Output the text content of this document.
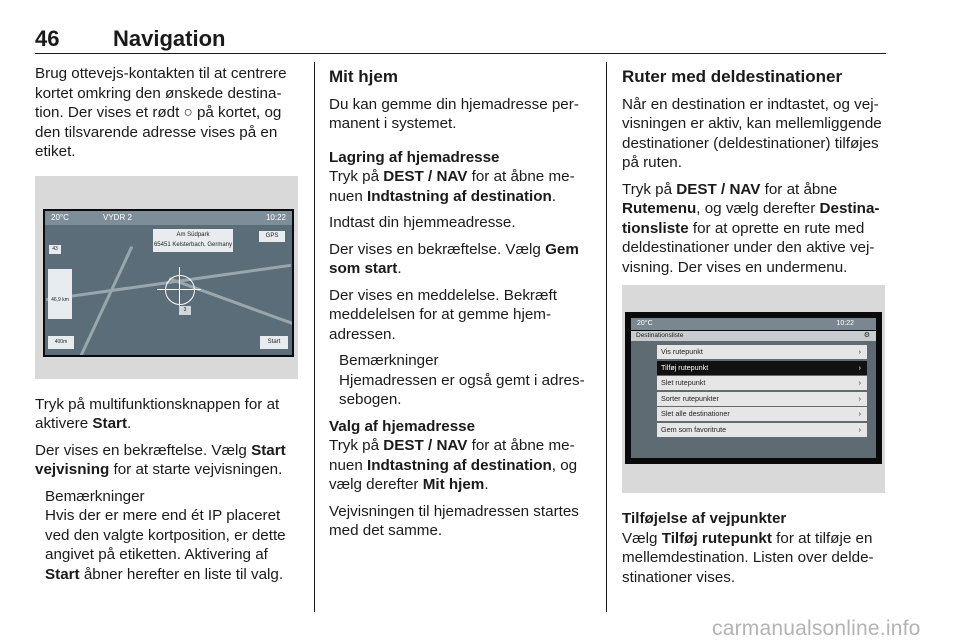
46 Navigation

Brug ottevejs-kontakten til at centrere kortet omkring den ønskede destination. Der vises et rødt ○ på kortet, og den tilsvarende adresse vises på en etiket.

20°C	VYDR 2	10:22
Am Südpark
65451 Kelsterbach, Germany
GPS
43
3
46,9 km
400m	Start

Tryk på multifunktionsknappen for at aktivere Start.

Der vises en bekræftelse. Vælg Start vejvisning for at starte vejvisningen.

Bemærkninger
Hvis der er mere end ét IP placeret ved den valgte kortposition, er dette angivet på etiketten. Aktivering af Start åbner herefter en liste til valg.
Mit hjem

Du kan gemme din hjemadresse permanent i systemet.

Lagring af hjemadresse

Tryk på DEST / NAV for at åbne menuen Indtastning af destination.

Indtast din hjemmeadresse.

Der vises en bekræftelse. Vælg Gem som start.

Der vises en meddelelse. Bekræft meddelelsen for at gemme hjemadressen.

Bemærkninger
Hjemadressen er også gemt i adressebogen.
Valg af hjemadresse

Tryk på DEST / NAV for at åbne menuen Indtastning af destination, og vælg derefter Mit hjem.

Vejvisningen til hjemadressen startes med det samme.

Ruter med deldestinationer

Når en destination er indtastet, og vejvisningen er aktiv, kan mellemliggende destinationer (deldestinationer) tilføjes på ruten.

Tryk på DEST / NAV for at åbne Rutemenu, og vælg derefter Destinationsliste for at oprette en rute med deldestinationer under den aktive vejvisning. Der vises en undermenu.

20°C	10:22
Destinationsliste	⚙
Vis rutepunkt	›
Tilføj rutepunkt	›
Slet rutepunkt	›
Sorter rutepunkter	›
Slet alle destinationer	›
Gem som favoritrute	›
Tilføjelse af vejpunkter

Vælg Tilføj rutepunkt for at tilføje en mellemdestination. Listen over deldestinationer vises.

carmanualsonline.info
